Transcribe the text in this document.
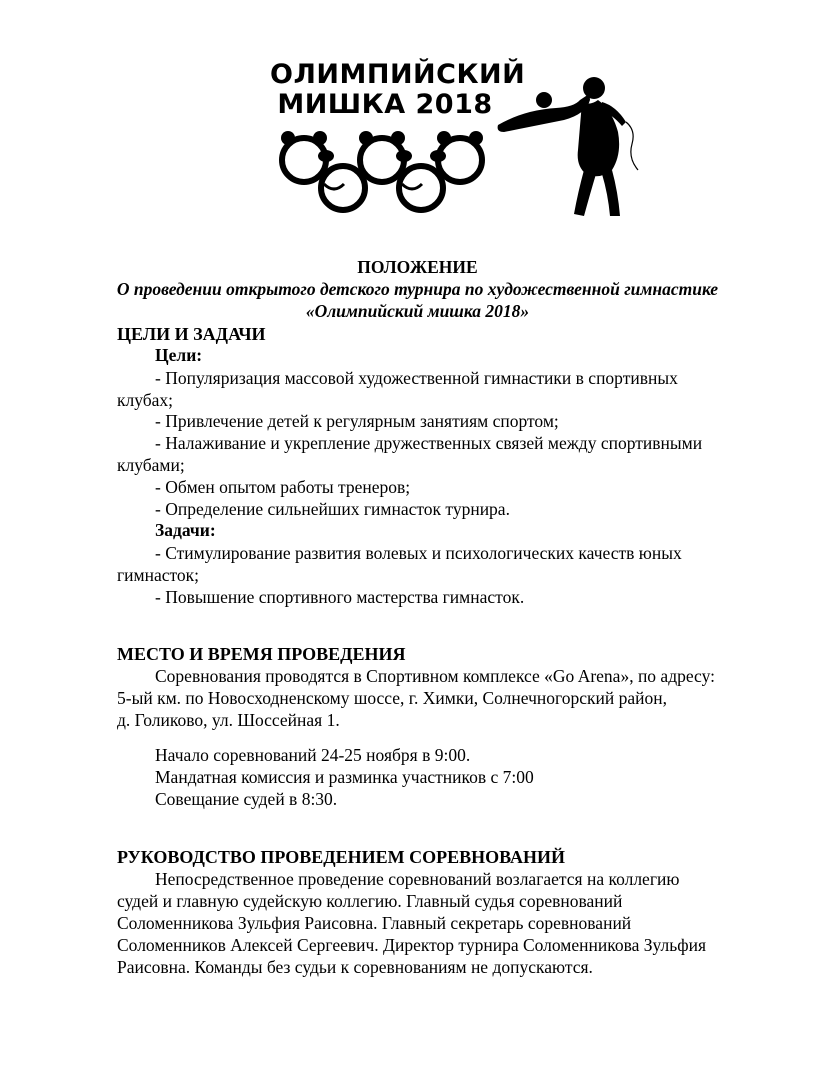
ОЛИМПИЙСКИЙ
МИШКА 2018
ПОЛОЖЕНИЕ
О проведении открытого детского турнира по художественной гимнастике
«Олимпийский мишка 2018»
ЦЕЛИ И ЗАДАЧИ
Цели:
- Популяризация массовой художественной гимнастики в спортивных
клубах;
- Привлечение детей к регулярным занятиям спортом;
- Налаживание и укрепление дружественных связей между спортивными
клубами;
- Обмен опытом работы тренеров;
- Определение сильнейших гимнасток турнира.
Задачи:
- Стимулирование развития волевых и психологических качеств юных
гимнасток;
- Повышение спортивного мастерства гимнасток.
МЕСТО И ВРЕМЯ ПРОВЕДЕНИЯ
Соревнования проводятся в Спортивном комплексе «Go Arena», по адресу:
5-ый км. по Новосходненскому шоссе, г. Химки, Солнечногорский район,
д. Голиково, ул. Шоссейная 1.
Начало соревнований 24-25 ноября в 9:00.
Мандатная комиссия и разминка участников с 7:00
Совещание судей в 8:30.
РУКОВОДСТВО ПРОВЕДЕНИЕМ СОРЕВНОВАНИЙ
Непосредственное проведение соревнований возлагается на коллегию
судей и главную судейскую коллегию. Главный судья соревнований
Соломенникова Зульфия Раисовна. Главный секретарь соревнований
Соломенников Алексей Сергеевич. Директор турнира Соломенникова Зульфия
Раисовна. Команды без судьи к соревнованиям не допускаются.
